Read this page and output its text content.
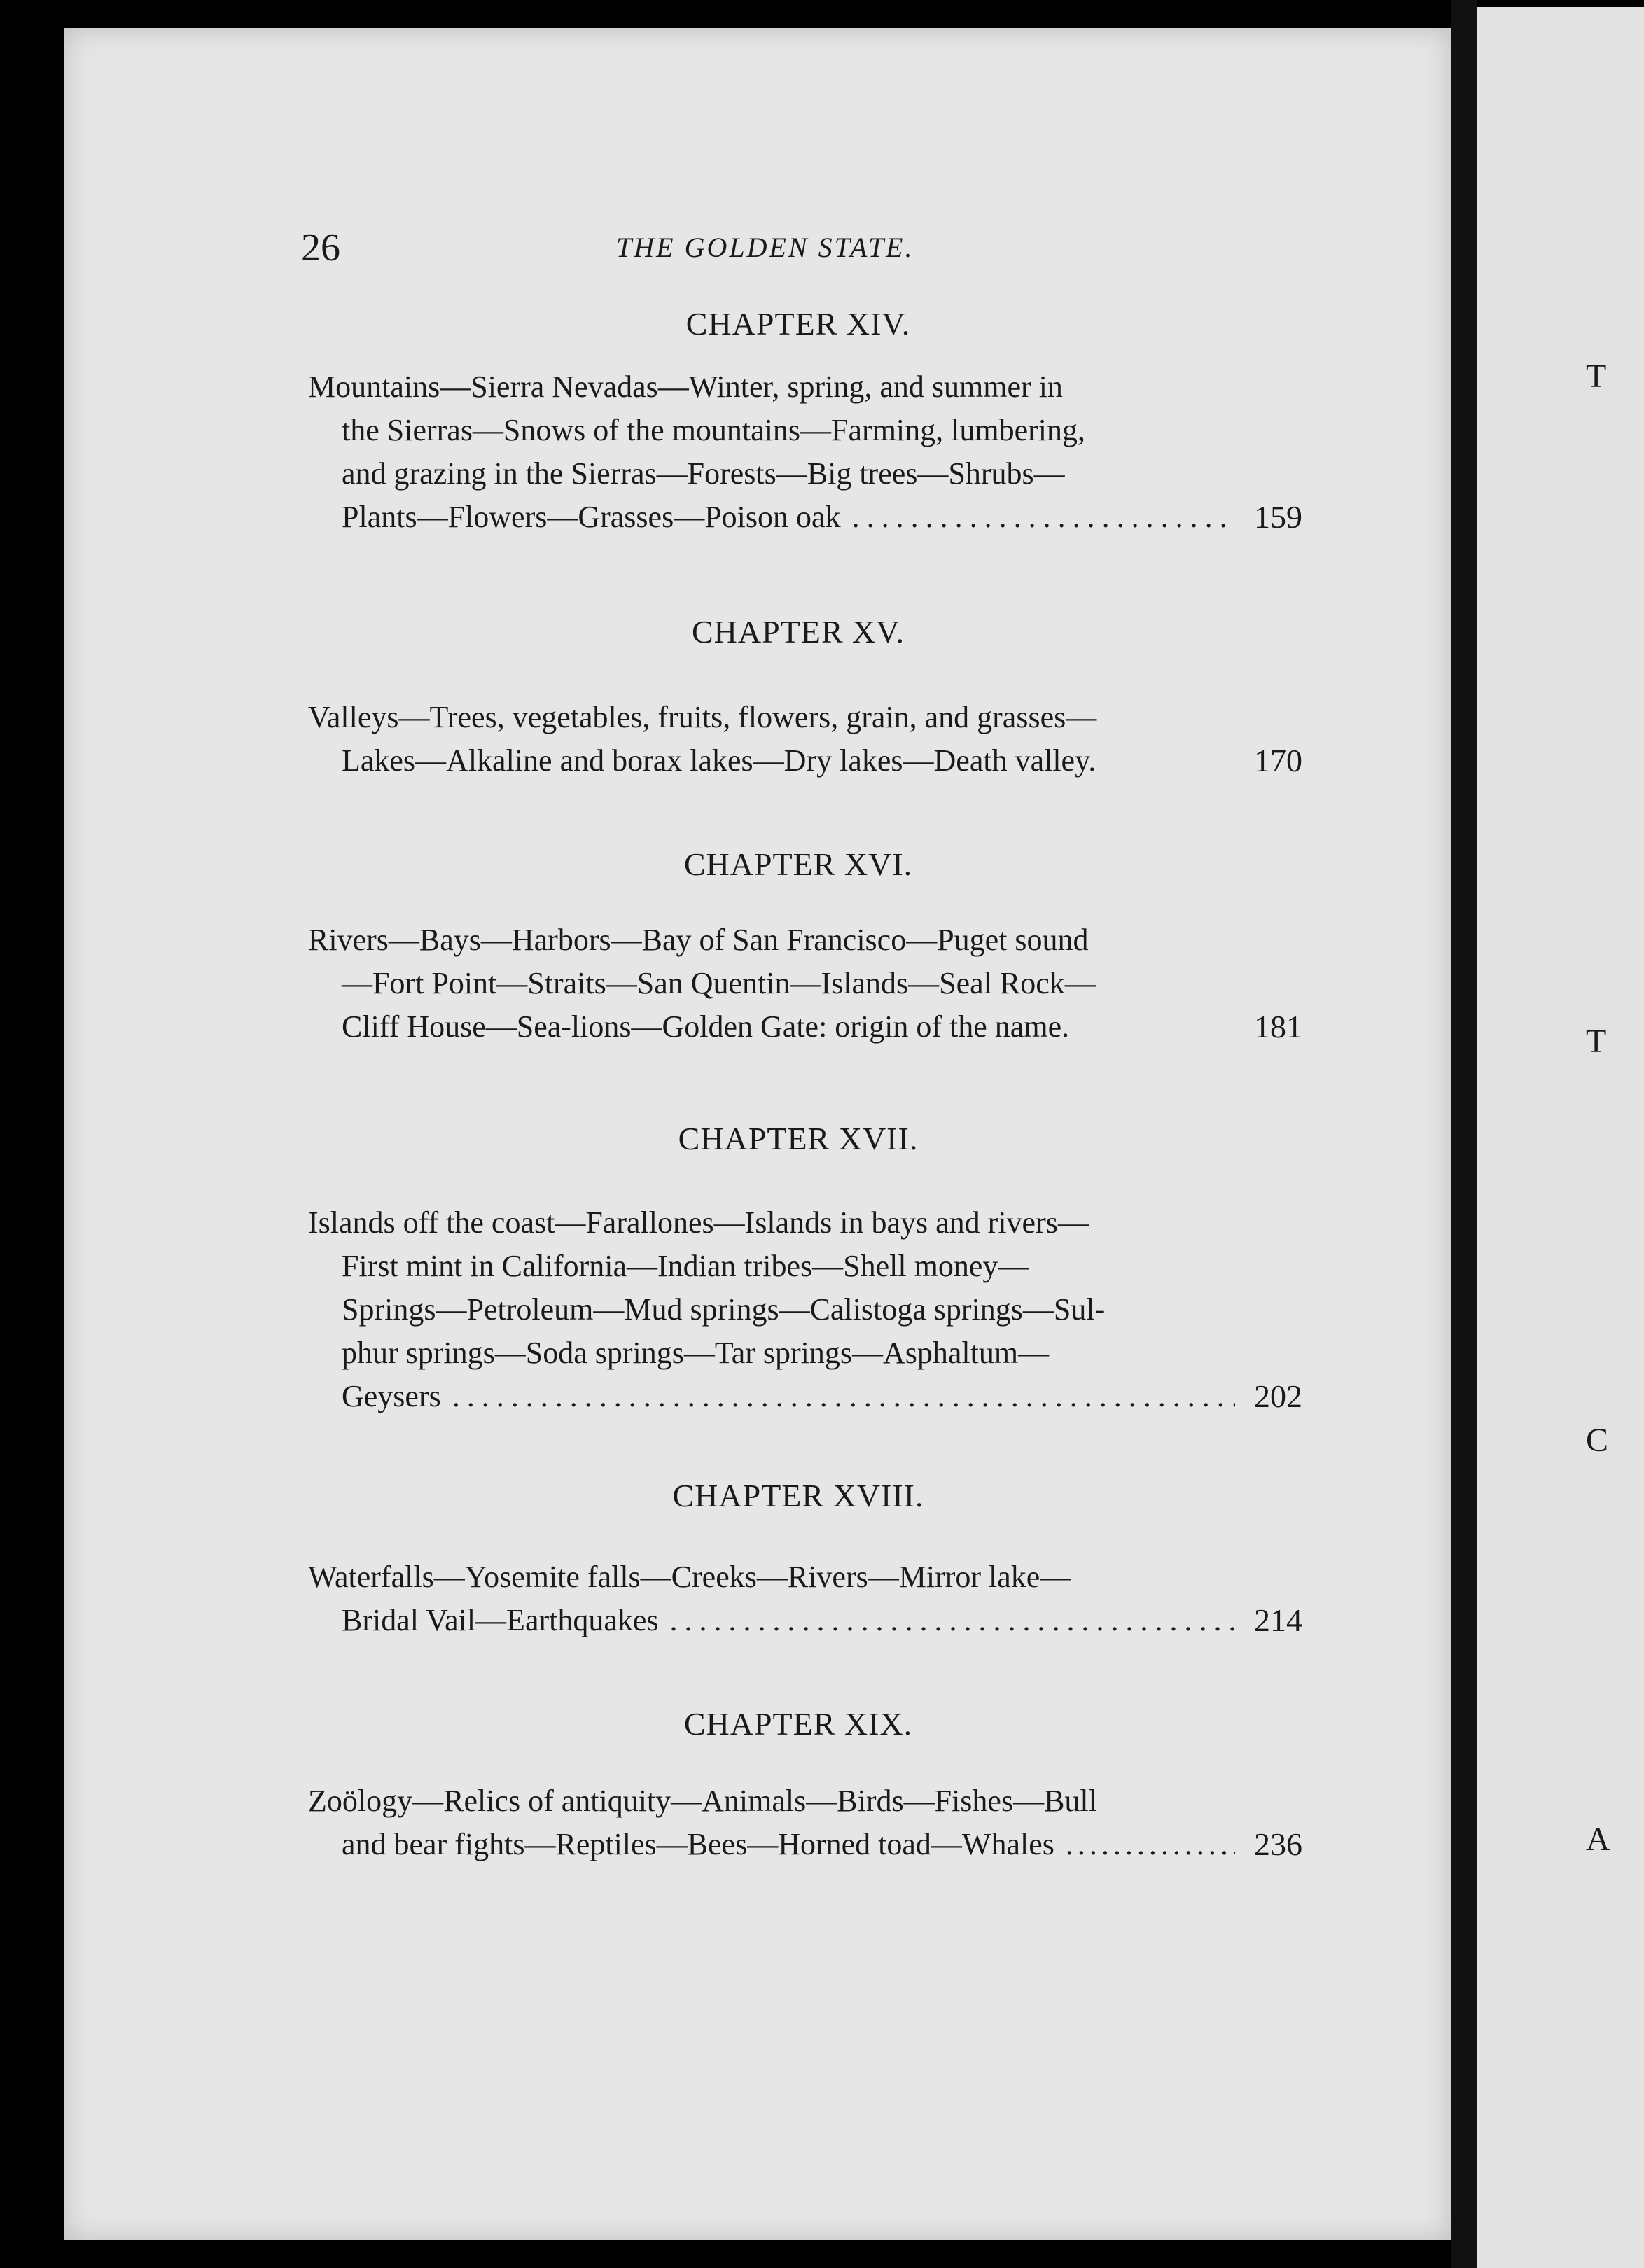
T
T
C
A
26	THE GOLDEN STATE.
CHAPTER XIV.
Mountains—Sierra Nevadas—Winter, spring, and summer in
the Sierras—Snows of the mountains—Farming, lumbering,
and grazing in the Sierras—Forests—Big trees—Shrubs—
Plants—Flowers—Grasses—Poison oak .....	159
CHAPTER XV.
Valleys—Trees, vegetables, fruits, flowers, grain, and grasses—
Lakes—Alkaline and borax lakes—Dry lakes—Death valley.	170
CHAPTER XVI.
Rivers—Bays—Harbors—Bay of San Francisco—Puget sound
—Fort Point—Straits—San Quentin—Islands—Seal Rock—
Cliff House—Sea-lions—Golden Gate: origin of the name.	181
CHAPTER XVII.
Islands off the coast—Farallones—Islands in bays and rivers—
First mint in California—Indian tribes—Shell money—
Springs—Petroleum—Mud springs—Calistoga springs—Sul-
phur springs—Soda springs—Tar springs—Asphaltum—
Geysers .....	202
CHAPTER XVIII.
Waterfalls—Yosemite falls—Creeks—Rivers—Mirror lake—
Bridal Vail—Earthquakes .....	214
CHAPTER XIX.
Zoölogy—Relics of antiquity—Animals—Birds—Fishes—Bull
and bear fights—Reptiles—Bees—Horned toad—Whales .....	236
